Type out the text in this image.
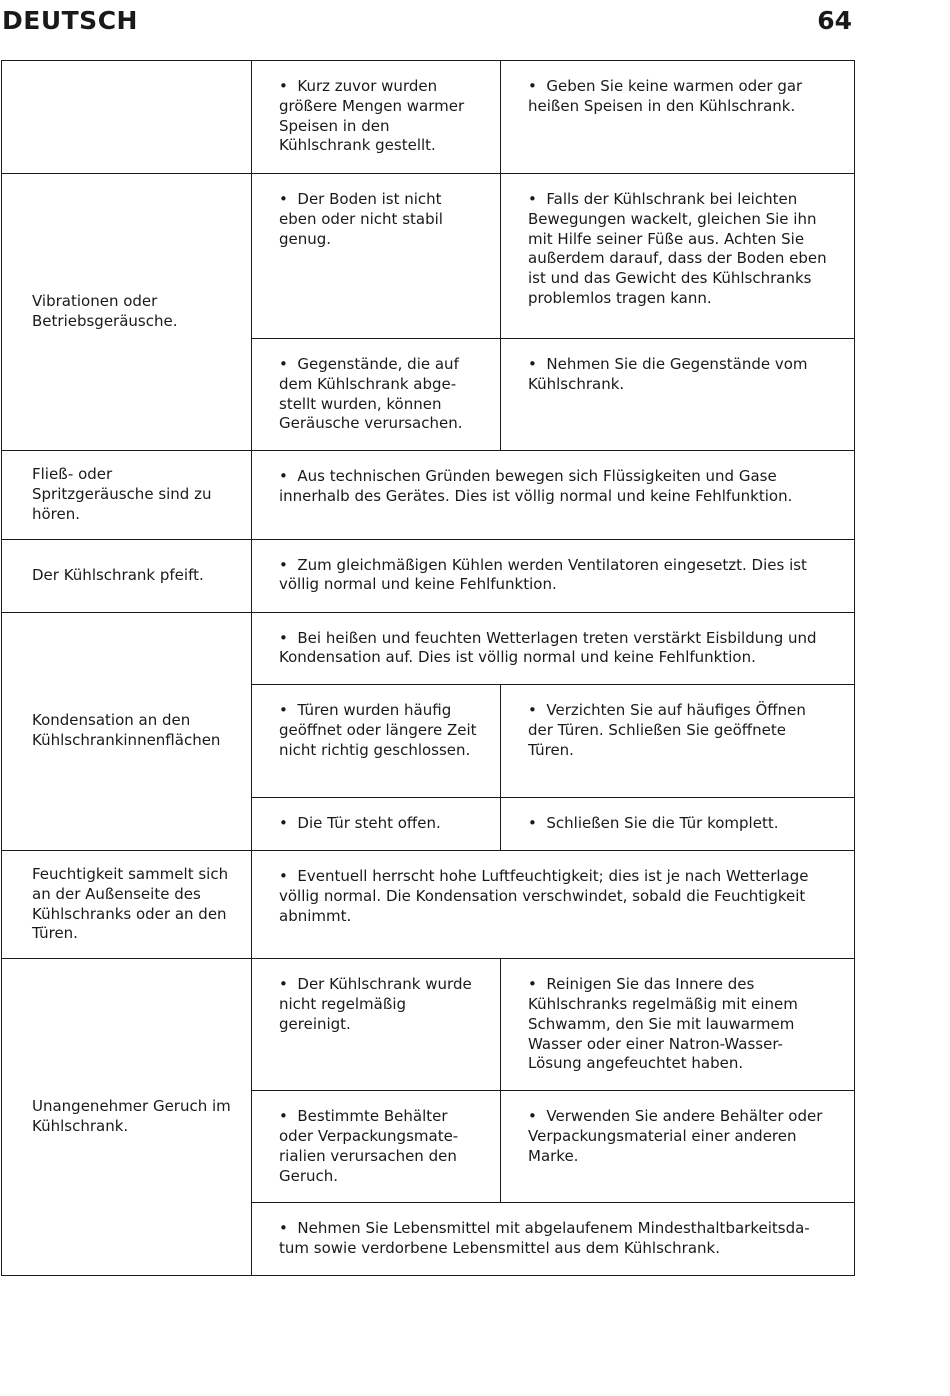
DEUTSCH	64
	•  Kurz zuvor wurden größere Mengen warmer Speisen in den Kühlschrank gestellt.	•  Geben Sie keine warmen oder gar heißen Speisen in den Kühlschrank.
Vibrationen oder Betriebsgeräusche.	•  Der Boden ist nicht eben oder nicht stabil genug.	•  Falls der Kühlschrank bei leichten Bewegungen wackelt, gleichen Sie ihn mit Hilfe seiner Füße aus. Achten Sie außerdem darauf, dass der Boden eben ist und das Gewicht des Kühlschranks problemlos tragen kann.
	•  Gegenstände, die auf dem Kühlschrank abge-stellt wurden, können Geräusche verursachen.	•  Nehmen Sie die Gegenstände vom Kühlschrank.
Fließ- oder Spritzgeräusche sind zu hören.	•  Aus technischen Gründen bewegen sich Flüssigkeiten und Gase innerhalb des Gerätes. Dies ist völlig normal und keine Fehlfunktion.
Der Kühlschrank pfeift.	•  Zum gleichmäßigen Kühlen werden Ventilatoren eingesetzt. Dies ist völlig normal und keine Fehlfunktion.
Kondensation an den Kühlschrankinnenflächen	•  Bei heißen und feuchten Wetterlagen treten verstärkt Eisbildung und Kondensation auf. Dies ist völlig normal und keine Fehlfunktion.
	•  Türen wurden häufig geöffnet oder längere Zeit nicht richtig geschlossen.	•  Verzichten Sie auf häufiges Öffnen der Türen. Schließen Sie geöffnete Türen.
	•  Die Tür steht offen.	•  Schließen Sie die Tür komplett.
Feuchtigkeit sammelt sich an der Außenseite des Kühlschranks oder an den Türen.	•  Eventuell herrscht hohe Luftfeuchtigkeit; dies ist je nach Wetterlage völlig normal. Die Kondensation verschwindet, sobald die Feuchtigkeit abnimmt.
Unangenehmer Geruch im Kühlschrank.	•  Der Kühlschrank wurde nicht regelmäßig gereinigt.	•  Reinigen Sie das Innere des Kühlschranks regelmäßig mit einem Schwamm, den Sie mit lauwarmem Wasser oder einer Natron-Wasser-Lösung angefeuchtet haben.
	•  Bestimmte Behälter oder Verpackungsmate-rialien verursachen den Geruch.	•  Verwenden Sie andere Behälter oder Verpackungsmaterial einer anderen Marke.
	•  Nehmen Sie Lebensmittel mit abgelaufenem Mindesthaltbarkeitsda-tum sowie verdorbene Lebensmittel aus dem Kühlschrank.
